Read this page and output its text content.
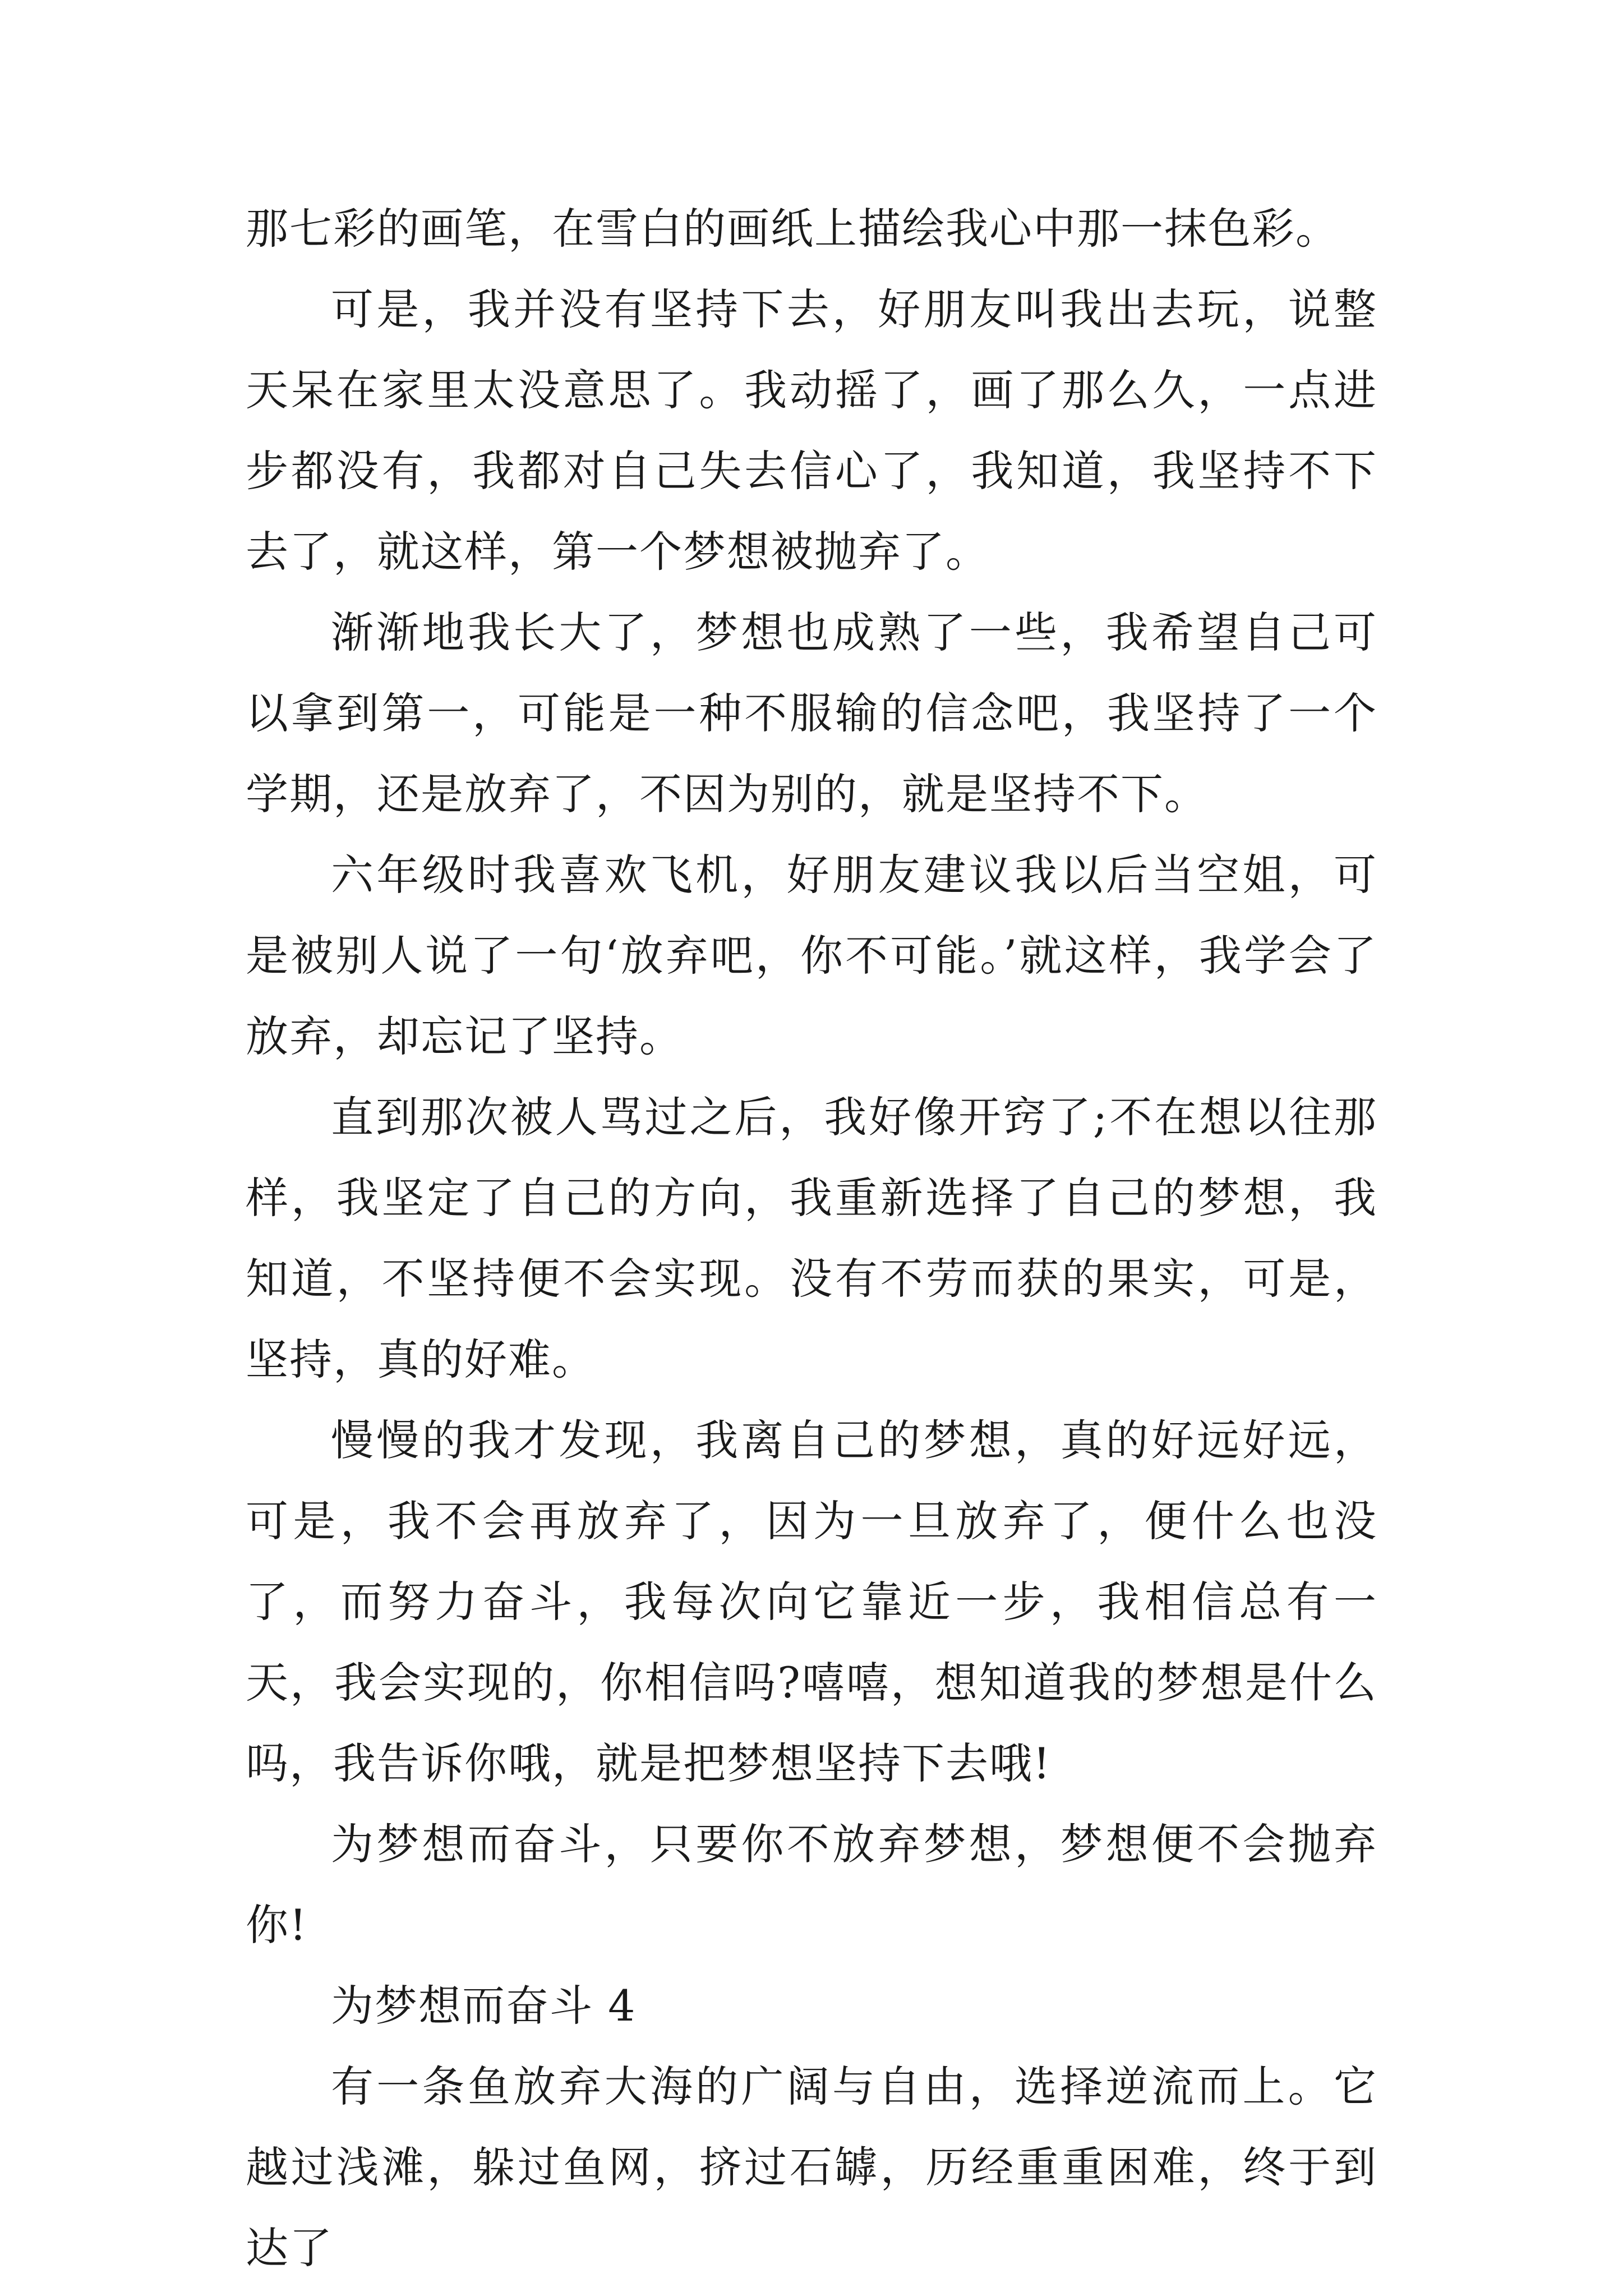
那七彩的画笔，在雪白的画纸上描绘我心中那一抹色彩。

可是，我并没有坚持下去，好朋友叫我出去玩，说整天呆在家里太没意思了。我动摇了，画了那么久，一点进步都没有，我都对自己失去信心了，我知道，我坚持不下去了，就这样，第一个梦想被抛弃了。

渐渐地我长大了，梦想也成熟了一些，我希望自己可以拿到第一，可能是一种不服输的信念吧，我坚持了一个学期，还是放弃了，不因为别的，就是坚持不下。

六年级时我喜欢飞机，好朋友建议我以后当空姐，可是被别人说了一句‘放弃吧，你不可能。’就这样，我学会了放弃，却忘记了坚持。

直到那次被人骂过之后，我好像开窍了;不在想以往那样，我坚定了自己的方向，我重新选择了自己的梦想，我知道，不坚持便不会实现。没有不劳而获的果实，可是，坚持，真的好难。

慢慢的我才发现，我离自己的梦想，真的好远好远，可是，我不会再放弃了，因为一旦放弃了，便什么也没了，而努力奋斗，我每次向它靠近一步，我相信总有一天，我会实现的，你相信吗?嘻嘻，想知道我的梦想是什么吗，我告诉你哦，就是把梦想坚持下去哦!

为梦想而奋斗，只要你不放弃梦想，梦想便不会抛弃你!

为梦想而奋斗 4

有一条鱼放弃大海的广阔与自由，选择逆流而上。它越过浅滩，躲过鱼网，挤过石罅，历经重重困难，终于到达了
